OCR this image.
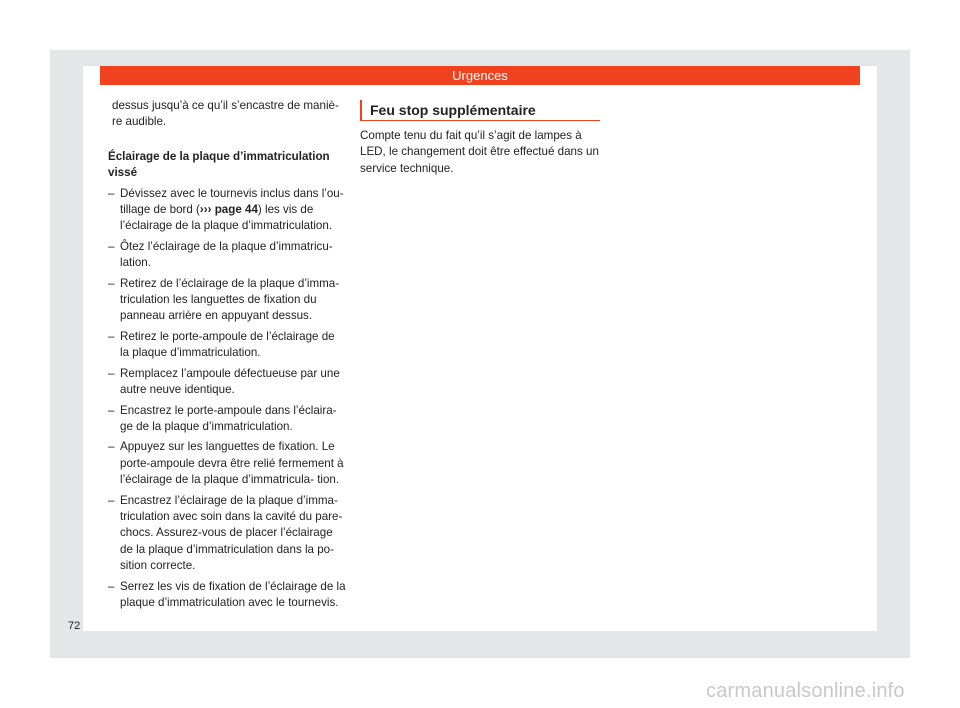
Urgences

dessus jusqu’à ce qu’il s’encastre de maniè- re audible.

Éclairage de la plaque d’immatriculation vissé
– Dévissez avec le tournevis inclus dans l’ou- tillage de bord (››› page 44) les vis de l’éclairage de la plaque d’immatriculation.
– Ôtez l’éclairage de la plaque d’immatricu- lation.
– Retirez de l’éclairage de la plaque d’imma- triculation les languettes de fixation du panneau arrière en appuyant dessus.
– Retirez le porte-ampoule de l’éclairage de la plaque d’immatriculation.
– Remplacez l’ampoule défectueuse par une autre neuve identique.
– Encastrez le porte-ampoule dans l’éclaira- ge de la plaque d’immatriculation.
– Appuyez sur les languettes de fixation. Le porte-ampoule devra être relié fermement à l’éclairage de la plaque d’immatricula- tion.
– Encastrez l’éclairage de la plaque d’imma- triculation avec soin dans la cavité du pare- chocs. Assurez-vous de placer l’éclairage de la plaque d’immatriculation dans la po- sition correcte.
– Serrez les vis de fixation de l’éclairage de la plaque d’immatriculation avec le tournevis.
Feu stop supplémentaire

Compte tenu du fait qu’il s’agit de lampes à LED, le changement doit être effectué dans un service technique.

72
carmanualsonline.info
